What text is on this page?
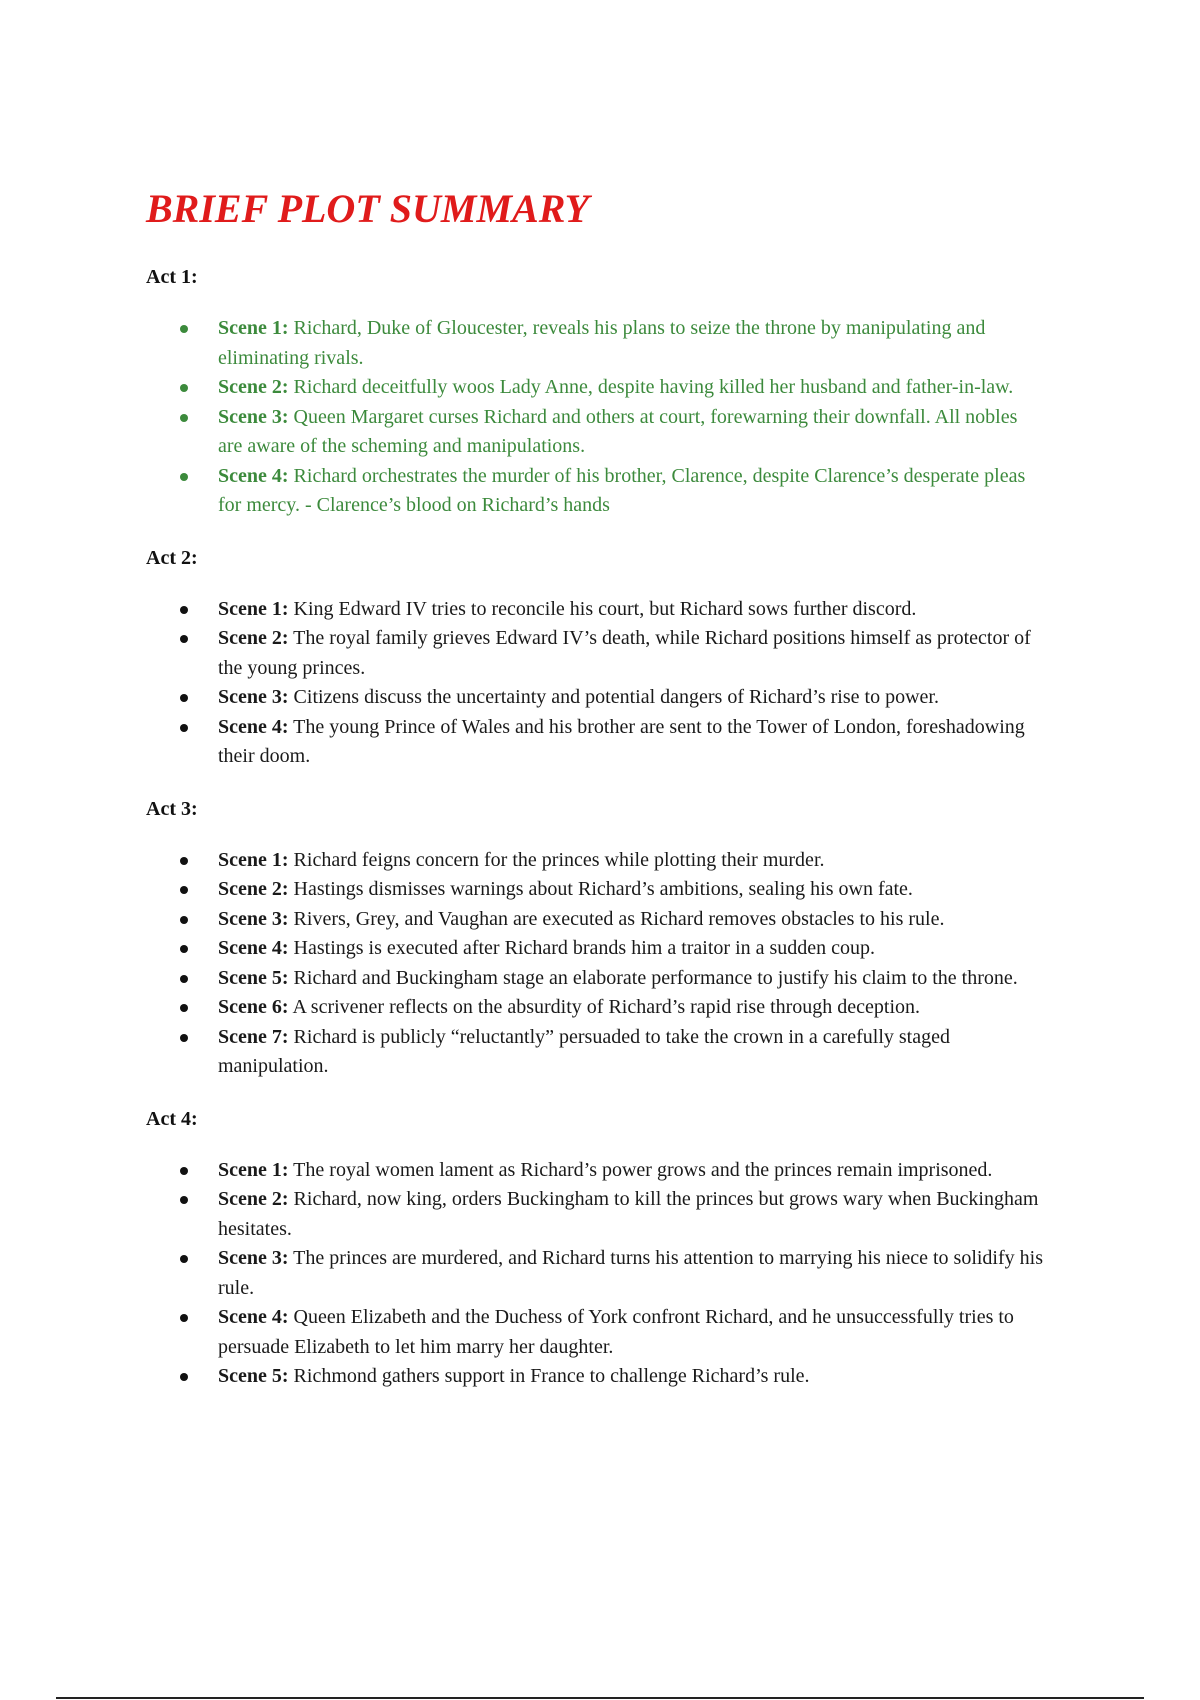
BRIEF PLOT SUMMARY
Act 1:
Scene 1: Richard, Duke of Gloucester, reveals his plans to seize the throne by manipulating and eliminating rivals.
Scene 2: Richard deceitfully woos Lady Anne, despite having killed her husband and father-in-law.
Scene 3: Queen Margaret curses Richard and others at court, forewarning their downfall. All nobles are aware of the scheming and manipulations.
Scene 4: Richard orchestrates the murder of his brother, Clarence, despite Clarence’s desperate pleas for mercy. - Clarence’s blood on Richard’s hands
Act 2:
Scene 1: King Edward IV tries to reconcile his court, but Richard sows further discord.
Scene 2: The royal family grieves Edward IV’s death, while Richard positions himself as protector of the young princes.
Scene 3: Citizens discuss the uncertainty and potential dangers of Richard’s rise to power.
Scene 4: The young Prince of Wales and his brother are sent to the Tower of London, foreshadowing their doom.
Act 3:
Scene 1: Richard feigns concern for the princes while plotting their murder.
Scene 2: Hastings dismisses warnings about Richard’s ambitions, sealing his own fate.
Scene 3: Rivers, Grey, and Vaughan are executed as Richard removes obstacles to his rule.
Scene 4: Hastings is executed after Richard brands him a traitor in a sudden coup.
Scene 5: Richard and Buckingham stage an elaborate performance to justify his claim to the throne.
Scene 6: A scrivener reflects on the absurdity of Richard’s rapid rise through deception.
Scene 7: Richard is publicly “reluctantly” persuaded to take the crown in a carefully staged manipulation.
Act 4:
Scene 1: The royal women lament as Richard’s power grows and the princes remain imprisoned.
Scene 2: Richard, now king, orders Buckingham to kill the princes but grows wary when Buckingham hesitates.
Scene 3: The princes are murdered, and Richard turns his attention to marrying his niece to solidify his rule.
Scene 4: Queen Elizabeth and the Duchess of York confront Richard, and he unsuccessfully tries to persuade Elizabeth to let him marry her daughter.
Scene 5: Richmond gathers support in France to challenge Richard’s rule.
